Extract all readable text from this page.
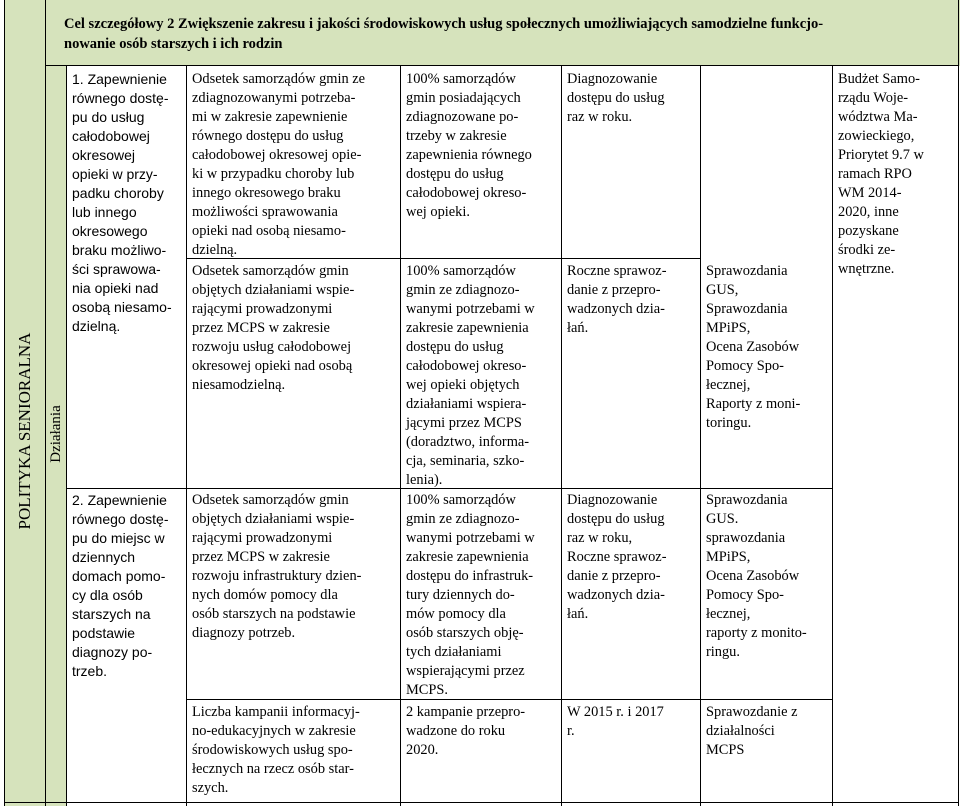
Cel szczegółowy 2 Zwiększenie zakresu i jakości środowiskowych usług społecznych umożliwiających samodzielne funkcjo-
nowanie osób starszych i ich rodzin
POLITYKA SENIORALNA Działania
1. Zapewnienie
równego dostę-
pu do usług
całodobowej
okresowej
opieki w przy-
padku choroby
lub innego
okresowego
braku możliwo-
ści sprawowa-
nia opieki nad
osobą niesamo-
dzielną.
Odsetek samorządów gmin ze
zdiagnozowanymi potrzeba-
mi w zakresie zapewnienie
równego dostępu do usług
całodobowej okresowej opie-
ki w przypadku choroby lub
innego okresowego braku
możliwości sprawowania
opieki nad osobą niesamo-
dzielną.
100% samorządów
gmin posiadających
zdiagnozowane po-
trzeby w zakresie
zapewnienia równego
dostępu do usług
całodobowej okreso-
wej opieki.
Diagnozowanie
dostępu do usług
raz w roku.
Odsetek samorządów gmin
objętych działaniami wspie-
rającymi prowadzonymi
przez MCPS w zakresie
rozwoju usług całodobowej
okresowej opieki nad osobą
niesamodzielną.
100% samorządów
gmin ze zdiagnozo-
wanymi potrzebami w
zakresie zapewnienia
dostępu do usług
całodobowej okreso-
wej opieki objętych
działaniami wspiera-
jącymi przez MCPS
(doradztwo, informa-
cja, seminaria, szko-
lenia).
Roczne sprawoz-
danie z przepro-
wadzonych dzia-
łań.
Sprawozdania
GUS,
Sprawozdania
MPiPS,
Ocena Zasobów
Pomocy Spo-
łecznej,
Raporty z moni-
toringu.
2. Zapewnienie
równego dostę-
pu do miejsc w
dziennych
domach pomo-
cy dla osób
starszych na
podstawie
diagnozy po-
trzeb.
Odsetek samorządów gmin
objętych działaniami wspie-
rającymi prowadzonymi
przez MCPS w zakresie
rozwoju infrastruktury dzien-
nych domów pomocy dla
osób starszych na podstawie
diagnozy potrzeb.
100% samorządów
gmin ze zdiagnozo-
wanymi potrzebami w
zakresie zapewnienia
dostępu do infrastruk-
tury dziennych do-
mów pomocy dla
osób starszych obję-
tych działaniami
wspierającymi przez
MCPS.
Diagnozowanie
dostępu do usług
raz w roku,
Roczne sprawoz-
danie z przepro-
wadzonych dzia-
łań.
Sprawozdania
GUS.
sprawozdania
MPiPS,
Ocena Zasobów
Pomocy Spo-
łecznej,
raporty z monito-
ringu.
Liczba kampanii informacyj-
no-edukacyjnych w zakresie
środowiskowych usług spo-
łecznych na rzecz osób star-
szych.
2 kampanie przepro-
wadzone do roku
2020.
W 2015 r. i 2017
r.
Sprawozdanie z
działalności
MCPS
Budżet Samo-
rządu Woje-
wództwa Ma-
zowieckiego,
Priorytet 9.7 w
ramach RPO
WM 2014-
2020, inne
pozyskane
środki ze-
wnętrzne.
